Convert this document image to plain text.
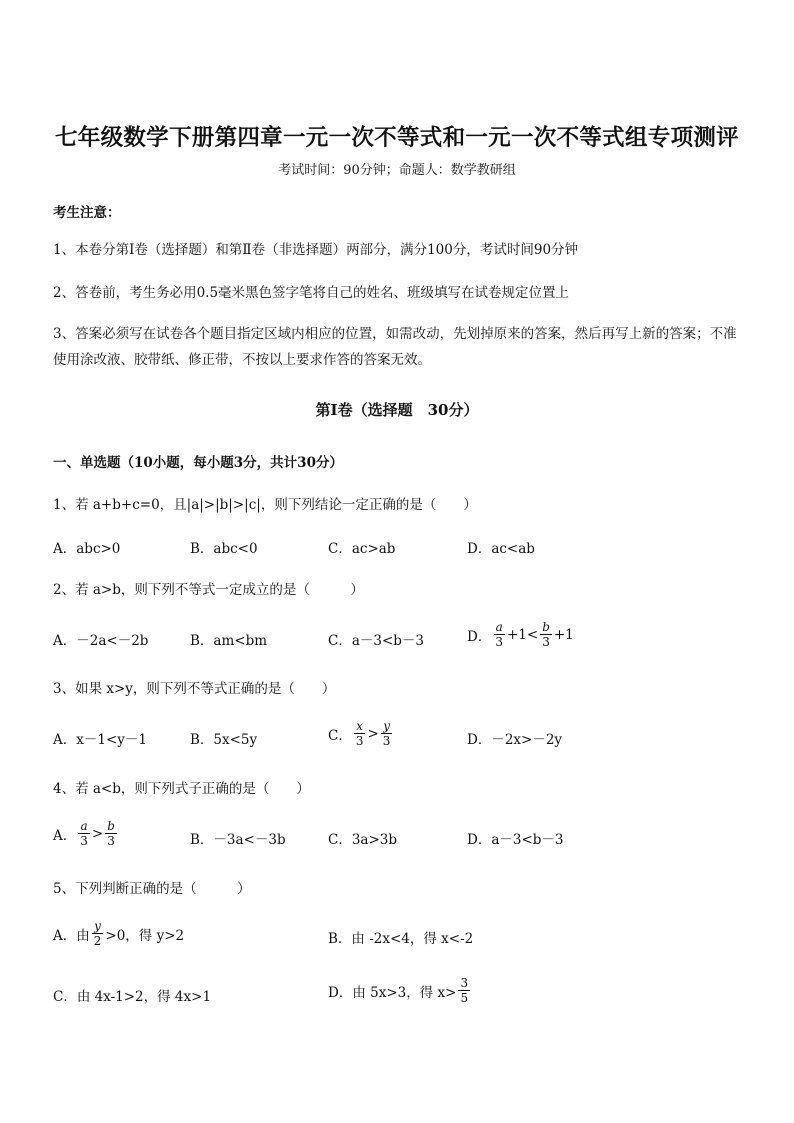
七年级数学下册第四章一元一次不等式和一元一次不等式组专项测评
考试时间：90分钟；命题人：数学教研组
考生注意：
1、本卷分第Ⅰ卷（选择题）和第Ⅱ卷（非选择题）两部分，满分100分，考试时间90分钟
2、答卷前，考生务必用0.5毫米黑色签字笔将自己的姓名、班级填写在试卷规定位置上
3、答案必须写在试卷各个题目指定区域内相应的位置，如需改动，先划掉原来的答案，然后再写上新的答案；不准使用涂改液、胶带纸、修正带，不按以上要求作答的答案无效。
第Ⅰ卷（选择题　30分）
一、单选题（10小题，每小题3分，共计30分）
1、若 a+b+c=0，且|a|>|b|>|c|，则下列结论一定正确的是（　　）
A．abc>0	B．abc<0	C．ac>ab	D．ac<ab
2、若 a>b，则下列不等式一定成立的是（　　　）
A．－2a<－2b	B．am<bm	C．a－3<b－3	D． $\frac{a}{3} +1< \frac{b}{3} +1$
3、如果 x>y，则下列不等式正确的是（　　）
A．x－1<y－1	B．5x<5y	C． $\frac{x}{3} > \frac{y}{3}$	D．－2x>－2y
4、若 a<b，则下列式子正确的是（　　）
A． $\frac{a}{3} > \frac{b}{3}$	B．－3a<－3b	C．3a>3b	D．a－3<b－3
5、下列判断正确的是（　　　）
A．由 $\frac{y}{2} >0$，得 y>2	B．由 -2x<4，得 x<-2
C．由 4x-1>2，得 4x>1	D．由 5x>3，得 $x> \frac{3}{5}$
